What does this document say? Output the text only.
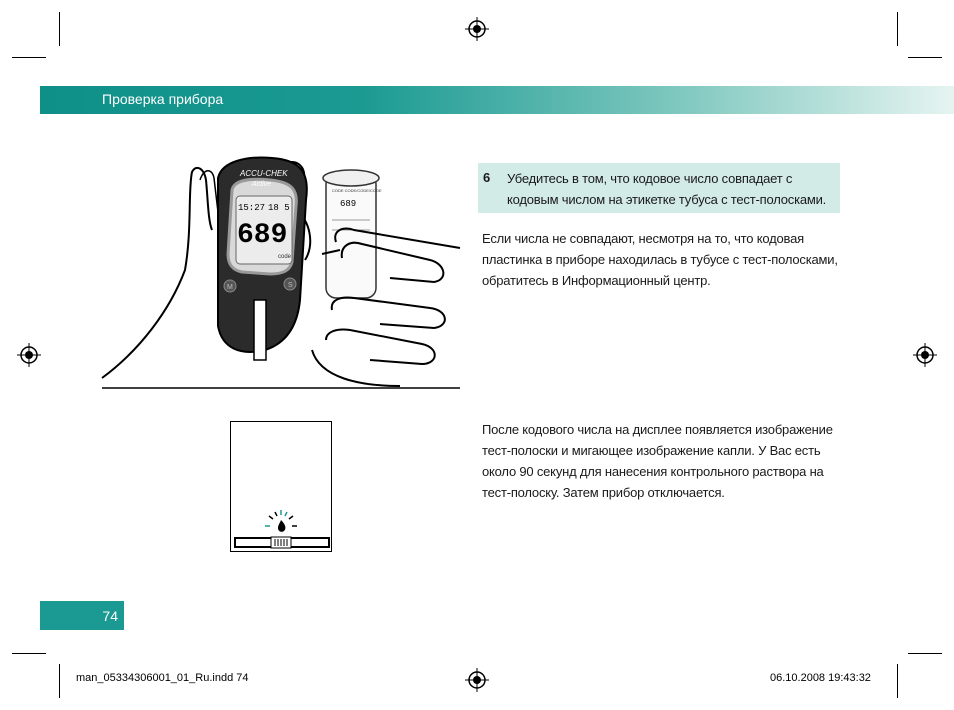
Проверка прибора
15:27 18 5
689
code
ACCU-CHEK
Active
M	S
CODE CODE/CODE/CODE
689
6 Убедитесь в том, что кодовое число совпадает с кодовым числом на этикетке тубуса с тест-полосками.
Если числа не совпадают, несмотря на то, что кодовая пластинка в приборе находилась в тубусе с тест-полосками, обратитесь в Информационный центр.
После кодового числа на дисплее появляется изображение тест-полоски и мигающее изображение капли. У Вас есть около 90 секунд для нанесения контрольного раствора на тест-полоску. Затем прибор отключается.
74
man_05334306001_01_Ru.indd 74	06.10.2008 19:43:32
